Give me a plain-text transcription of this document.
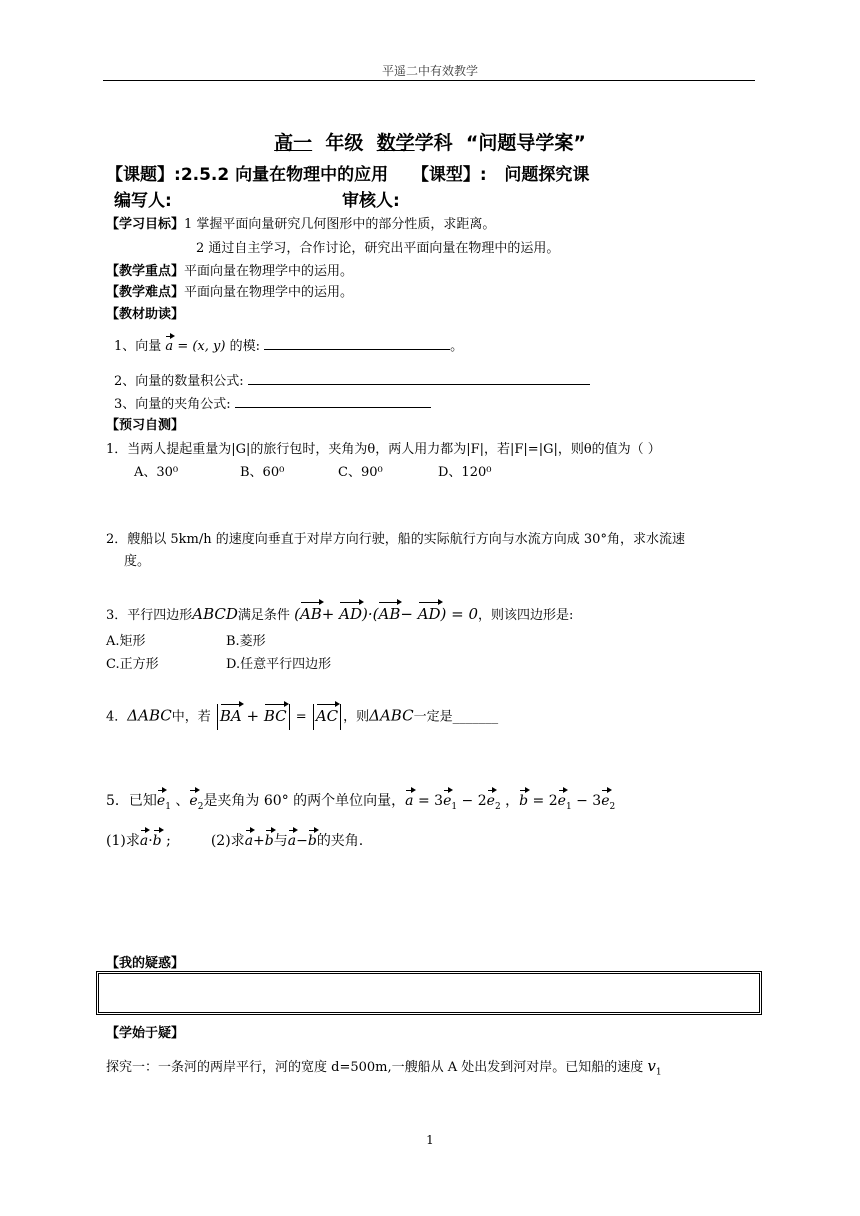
平遥二中有效教学
高一 年级 数学学科 “问题导学案”
【课题】:2.5.2 向量在物理中的应用 【课型】: 问题探究课
编写人:	审核人:
【学习目标】1 掌握平面向量研究几何图形中的部分性质，求距离。
2 通过自主学习，合作讨论，研究出平面向量在物理中的运用。
【教学重点】平面向量在物理学中的运用。
【教学难点】平面向量在物理学中的运用。
【教材助读】
1、向量 a = (x, y) 的模:	。
2、向量的数量积公式:
3、向量的夹角公式:
【预习自测】
1．当两人提起重量为|G|的旅行包时，夹角为θ，两人用力都为|F|，若|F|=|G|，则θ的值为（ ）
A、30⁰	B、60⁰	C、90⁰	D、120⁰
2．艘船以 5km/h 的速度向垂直于对岸方向行驶，船的实际航行方向与水流方向成 30°角，求水流速
度。
3．平行四边形ABCD满足条件 (AB+ AD)·(AB− AD) = 0，则该四边形是:
A.矩形	B.菱形
C.正方形	D.任意平行四边形
4．ΔABC中，若 BA + BC = AC ，则ΔABC一定是_______
5．已知$e_1$ 、$e_2$是夹角为 60° 的两个单位向量，$a = 3e_1 - 2e_2$ ，$b = 2e_1 - 3e_2$
(1)求a·b ;         (2)求a+b与a−b的夹角.
【我的疑惑】
【学始于疑】
探究一：一条河的两岸平行，河的宽度 d=500m,一艘船从 A 处出发到河对岸。已知船的速度 $v_1$
1
